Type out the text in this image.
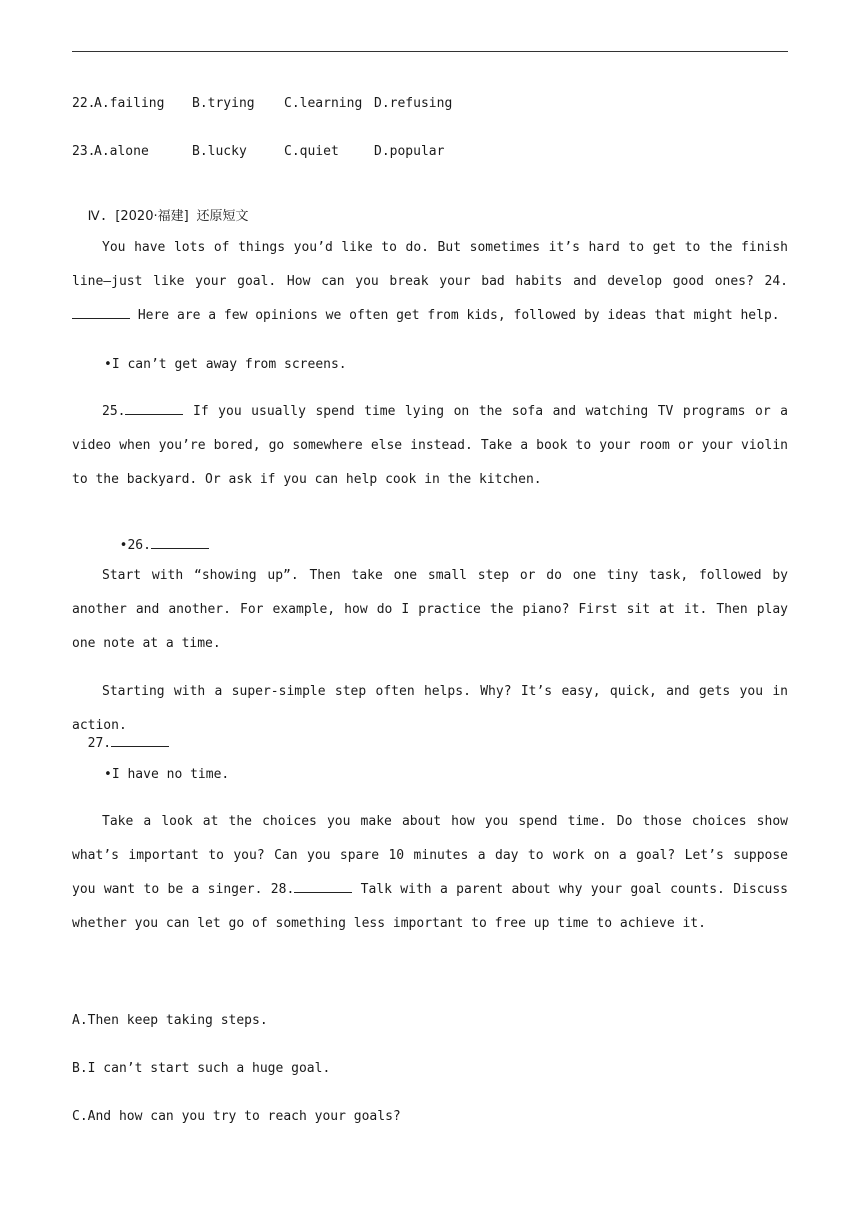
22.
A.failing B.trying C.learning D.refusing
23.
A.alone	B.lucky	C.quiet	D.popular

Ⅳ. [2020·福建] 还原短文

You have lots of things you’d like to do. But sometimes it’s hard to get to the finish line—just like your goal. How can you break your bad habits and develop good ones? 24. Here are a few opinions we often get from kids, followed by ideas that might help.
•I can’t get away from screens.
25.	If you usually spend time lying on the sofa and watching TV programs or a video when you’re bored, go somewhere else instead. Take a book to your room or your violin to the backyard. Or ask if you can help cook in the kitchen.

•26.

Start with “showing up”. Then take one small step or do one tiny task, followed by another and another. For example, how do I practice the piano? First sit at it. Then play one note at a time.
Starting with a super-simple step often helps. Why? It’s easy, quick, and gets you in action.

27.

•I have no time.
Take a look at the choices you make about how you spend time. Do those choices show what’s important to you? Can you spare 10 minutes a day to work on a goal? Let’s suppose you want to be a singer. 28.	Talk with a parent about why your goal counts. Discuss whether you can let go of something less important to free up time to achieve it.
A.Then keep taking steps.
B.I can’t start such a huge goal.
C.And how can you try to reach your goals?
